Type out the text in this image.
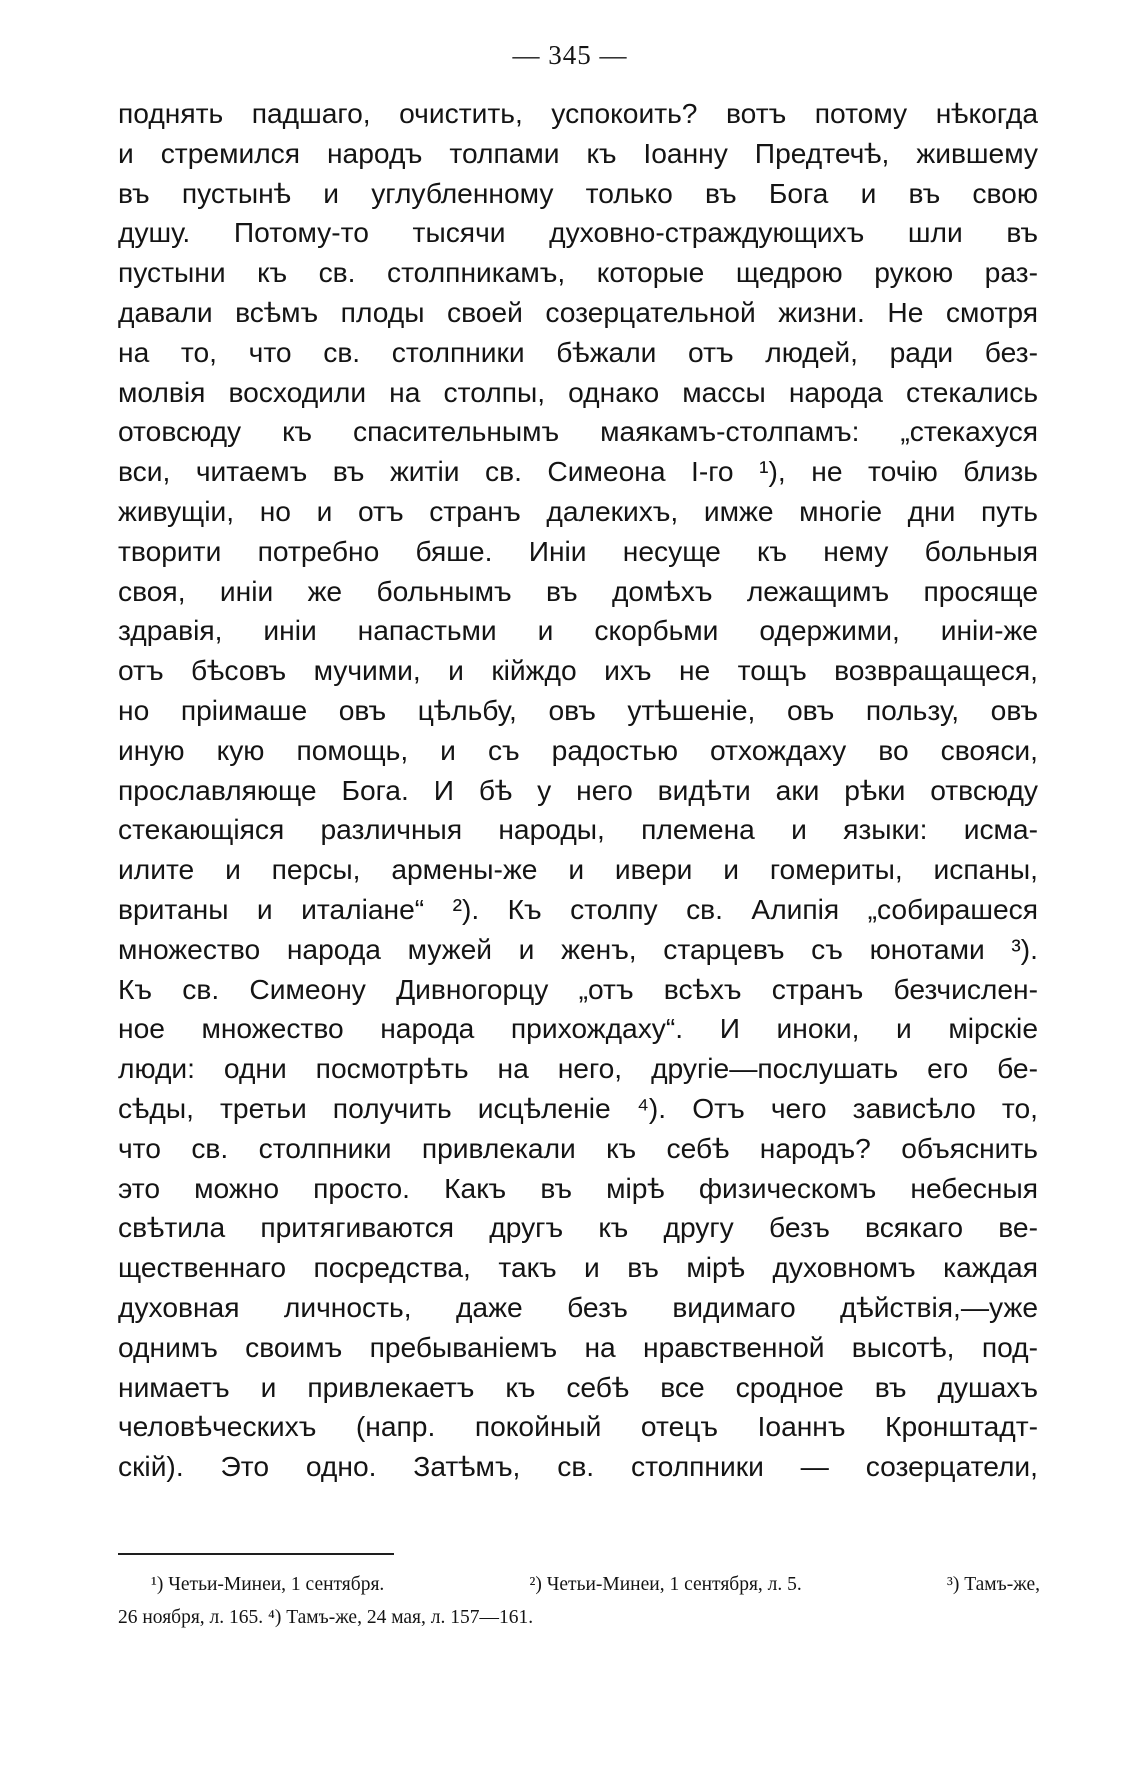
— 345 —
поднять падшаго, очистить, успокоить? вотъ потому нѣкогда
и стремился народъ толпами къ Іоанну Предтечѣ, жившему
въ пустынѣ и углубленному только въ Бога и въ свою
душу. Потому-то тысячи духовно-страждующихъ шли въ
пустыни къ св. столпникамъ, которые щедрою рукою раз-
давали всѣмъ плоды своей созерцательной жизни. Не смотря
на то, что св. столпники бѣжали отъ людей, ради без-
молвія восходили на столпы, однако массы народа стекались
отовсюду къ спасительнымъ маякамъ-столпамъ: „стекахуся
вси, читаемъ въ житіи св. Симеона I-го ¹), не точію близь
живущіи, но и отъ странъ далекихъ, имже многіе дни путь
творити потребно бяше. Иніи несуще къ нему больныя
своя, иніи же больнымъ въ домѣхъ лежащимъ просяще
здравія, иніи напастьми и скорбьми одержими, иніи-же
отъ бѣсовъ мучими, и кійждо ихъ не тощъ возвращащеся,
но пріимаше овъ цѣльбу, овъ утѣшеніе, овъ пользу, овъ
иную кую помощь, и съ радостью отхождаху во свояси,
прославляюще Бога. И бѣ у него видѣти аки рѣки отвсюду
стекающіяся различныя народы, племена и языки: исма-
илите и персы, армены-же и ивери и гомериты, испаны,
вританы и италіане“ ²). Къ столпу св. Алипія „собирашеся
множество народа мужей и женъ, старцевъ съ юнотами ³).
Къ св. Симеону Дивногорцу „отъ всѣхъ странъ безчислен-
ное множество народа прихождаху“. И иноки, и мірскіе
люди: одни посмотрѣть на него, другіе—послушать его бе-
сѣды, третьи получить исцѣленіе ⁴). Отъ чего зависѣло то,
что св. столпники привлекали къ себѣ народъ? объяснить
это можно просто. Какъ въ мірѣ физическомъ небесныя
свѣтила притягиваются другъ къ другу безъ всякаго ве-
щественнаго посредства, такъ и въ мірѣ духовномъ каждая
духовная личность, даже безъ видимаго дѣйствія,—уже
однимъ своимъ пребываніемъ на нравственной высотѣ, под-
нимаетъ и привлекаетъ къ себѣ все сродное въ душахъ
человѣческихъ (напр. покойный отецъ Іоаннъ Кронштадт-
скій). Это одно. Затѣмъ, св. столпники — созерцатели,
¹) Четьи-Минеи, 1 сентября.	²) Четьи-Минеи, 1 сентября, л. 5.	³) Тамъ-же,
26 ноября, л. 165. ⁴) Тамъ-же, 24 мая, л. 157—161.
